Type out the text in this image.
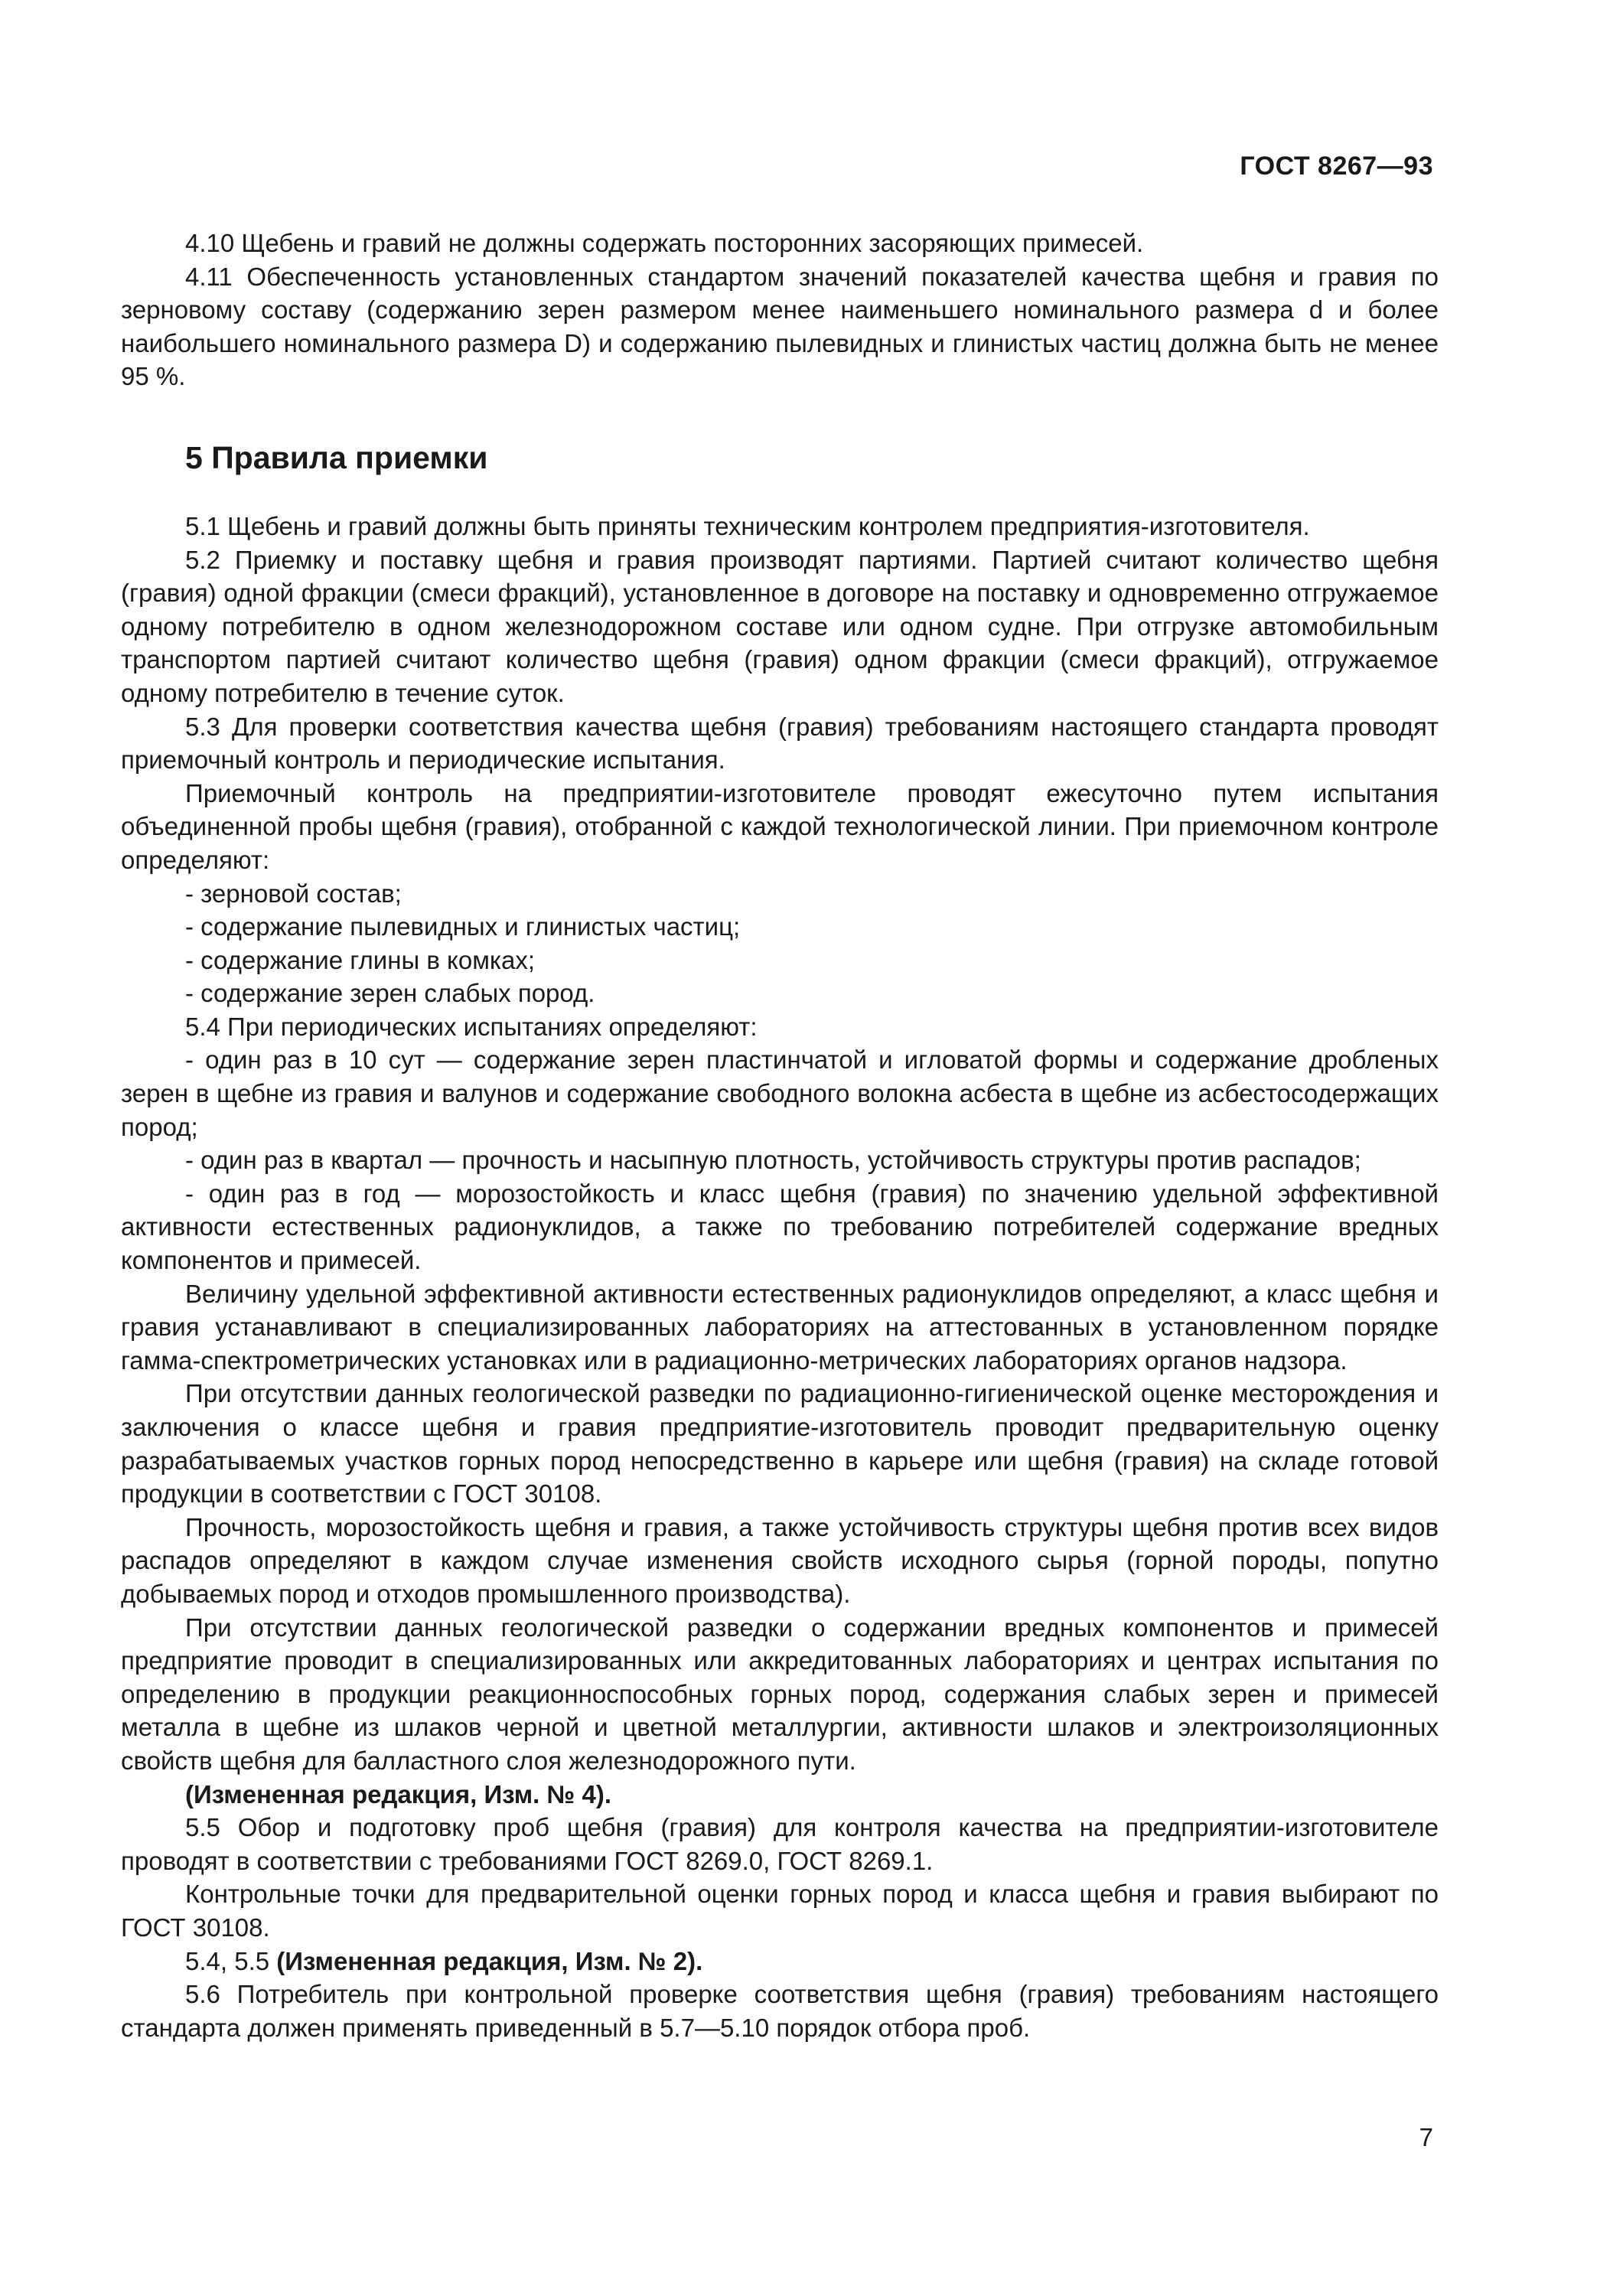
ГОСТ 8267—93

4.10 Щебень и гравий не должны содержать посторонних засоряющих примесей.

4.11 Обеспеченность установленных стандартом значений показателей качества щебня и гравия по зерновому составу (содержанию зерен размером менее наименьшего номинального размера d и более наибольшего номинального размера D) и содержанию пылевидных и глинистых частиц должна быть не менее 95 %.

5 Правила приемки

5.1 Щебень и гравий должны быть приняты техническим контролем предприятия-изготовителя.

5.2 Приемку и поставку щебня и гравия производят партиями. Партией считают количество щебня (гравия) одной фракции (смеси фракций), установленное в договоре на поставку и одновременно отгружаемое одному потребителю в одном железнодорожном составе или одном судне. При отгрузке автомобильным транспортом партией считают количество щебня (гравия) одном фракции (смеси фракций), отгружаемое одному потребителю в течение суток.

5.3 Для проверки соответствия качества щебня (гравия) требованиям настоящего стандарта проводят приемочный контроль и периодические испытания.

Приемочный контроль на предприятии-изготовителе проводят ежесуточно путем испытания объединенной пробы щебня (гравия), отобранной с каждой технологической линии. При приемочном контроле определяют:

- зерновой состав;

- содержание пылевидных и глинистых частиц;

- содержание глины в комках;

- содержание зерен слабых пород.

5.4 При периодических испытаниях определяют:

- один раз в 10 сут — содержание зерен пластинчатой и игловатой формы и содержание дробленых зерен в щебне из гравия и валунов и содержание свободного волокна асбеста в щебне из асбестосодержащих пород;

- один раз в квартал — прочность и насыпную плотность, устойчивость структуры против распадов;

- один раз в год — морозостойкость и класс щебня (гравия) по значению удельной эффективной активности естественных радионуклидов, а также по требованию потребителей содержание вредных компонентов и примесей.

Величину удельной эффективной активности естественных радионуклидов определяют, а класс щебня и гравия устанавливают в специализированных лабораториях на аттестованных в установленном порядке гамма-спектрометрических установках или в радиационно-метрических лабораториях органов надзора.

При отсутствии данных геологической разведки по радиационно-гигиенической оценке месторождения и заключения о классе щебня и гравия предприятие-изготовитель проводит предварительную оценку разрабатываемых участков горных пород непосредственно в карьере или щебня (гравия) на складе готовой продукции в соответствии с ГОСТ 30108.

Прочность, морозостойкость щебня и гравия, а также устойчивость структуры щебня против всех видов распадов определяют в каждом случае изменения свойств исходного сырья (горной породы, попутно добываемых пород и отходов промышленного производства).

При отсутствии данных геологической разведки о содержании вредных компонентов и примесей предприятие проводит в специализированных или аккредитованных лабораториях и центрах испытания по определению в продукции реакционноспособных горных пород, содержания слабых зерен и примесей металла в щебне из шлаков черной и цветной металлургии, активности шлаков и электроизоляционных свойств щебня для балластного слоя железнодорожного пути.

(Измененная редакция, Изм. № 4).

5.5 Обор и подготовку проб щебня (гравия) для контроля качества на предприятии-изготовителе проводят в соответствии с требованиями ГОСТ 8269.0, ГОСТ 8269.1.

Контрольные точки для предварительной оценки горных пород и класса щебня и гравия выбирают по ГОСТ 30108.

5.4, 5.5 (Измененная редакция, Изм. № 2).

5.6 Потребитель при контрольной проверке соответствия щебня (гравия) требованиям настоящего стандарта должен применять приведенный в 5.7—5.10 порядок отбора проб.

7
